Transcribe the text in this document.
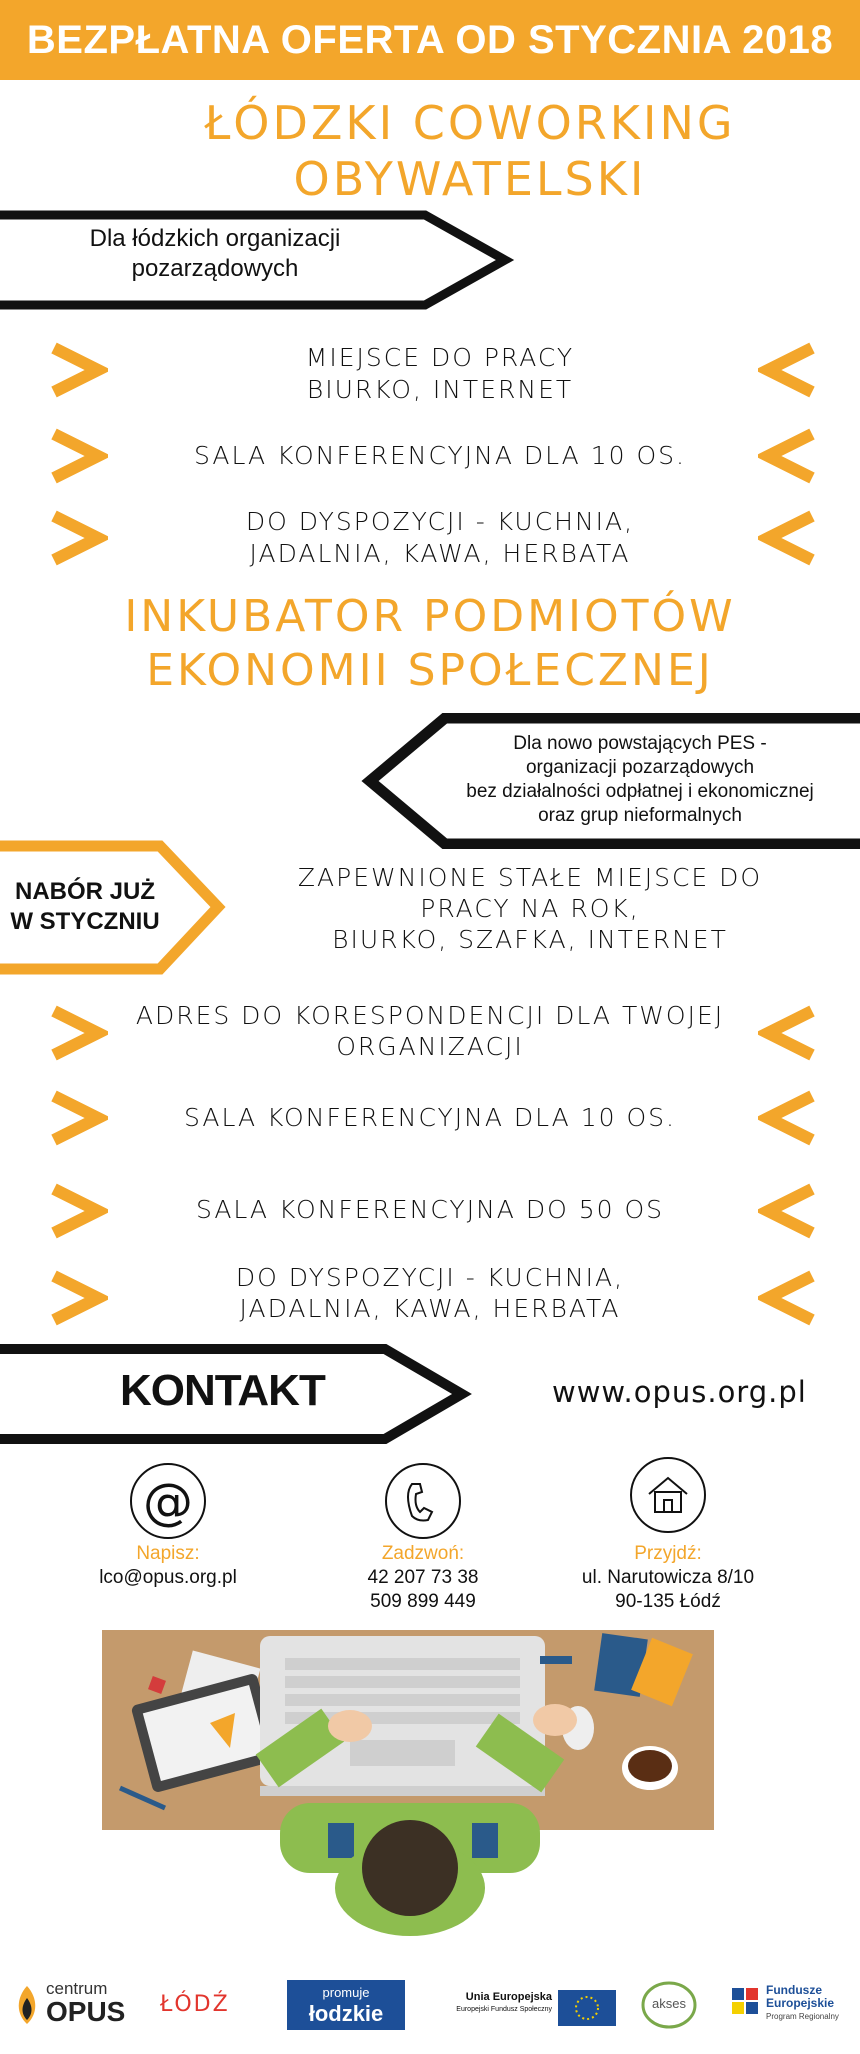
BEZPŁATNA OFERTA OD STYCZNIA 2018
ŁÓDZKI COWORKING
OBYWATELSKI
Dla łódzkich organizacji
pozarządowych
MIEJSCE DO PRACY
BIURKO, INTERNET
SALA KONFERENCYJNA DLA 10 OS.
DO DYSPOZYCJI - KUCHNIA,
JADALNIA, KAWA, HERBATA
INKUBATOR PODMIOTÓW
EKONOMII SPOŁECZNEJ
Dla nowo powstających PES -
organizacji pozarządowych
bez działalności odpłatnej i ekonomicznej
oraz grup nieformalnych
NABÓR JUŻ
W STYCZNIU
ZAPEWNIONE STAŁE MIEJSCE DO
PRACY NA ROK,
BIURKO, SZAFKA, INTERNET
ADRES DO KORESPONDENCJI DLA TWOJEJ
ORGANIZACJI
SALA KONFERENCYJNA DLA 10 OS.
SALA KONFERENCYJNA DO 50 OS
DO DYSPOZYCJI - KUCHNIA,
JADALNIA, KAWA, HERBATA
KONTAKT	www.opus.org.pl
@
Napisz:
lco@opus.org.pl
Zadzwoń:
42 207 73 38
509 899 449
Przyjdź:
ul. Narutowicza 8/10
90-135 Łódź
centrum
OPUS ŁÓDŹ	promuje
łodzkie
Unia Europejska
Europejski Fundusz Społeczny	akses
Fundusze
Europejskie
Program Regionalny
